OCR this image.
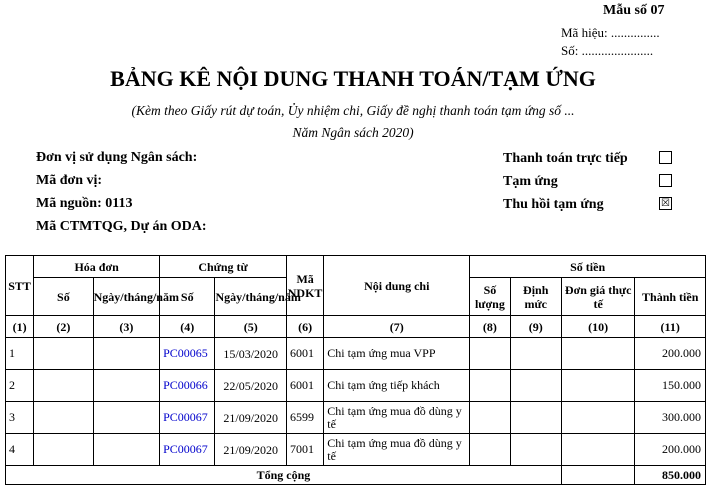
Mẫu số 07
Mã hiệu: ...............
Số: ......................
BẢNG KÊ NỘI DUNG THANH TOÁN/TẠM ỨNG
(Kèm theo Giấy rút dự toán, Ủy nhiệm chi, Giấy đề nghị thanh toán tạm ứng số ...
Năm Ngân sách 2020)
Đơn vị sử dụng Ngân sách:
Mã đơn vị:
Mã nguồn: 0113
Mã CTMTQG, Dự án ODA:
Thanh toán trực tiếp
Tạm ứng
Thu hồi tạm ứng	☒
STT	Hóa đơn		Chứng từ		Mã NDKT	Nội dung chi	Số tiền			
	Số	Ngày/tháng/năm	Số	Ngày/tháng/năm			Số lượng	Định mức	Đơn giá thực tế	Thành tiền
(1)	(2)	(3)	(4)	(5)	(6)	(7)	(8)	(9)	(10)	(11)
1			PC00065	15/03/2020	6001	Chi tạm ứng mua VPP				200.000
2			PC00066	22/05/2020	6001	Chi tạm ứng tiếp khách				150.000
3			PC00067	21/09/2020	6599	Chi tạm ứng mua đồ dùng y tế				300.000
4			PC00067	21/09/2020	7001	Chi tạm ứng mua đồ dùng y tế				200.000
Tổng cộng										850.000
